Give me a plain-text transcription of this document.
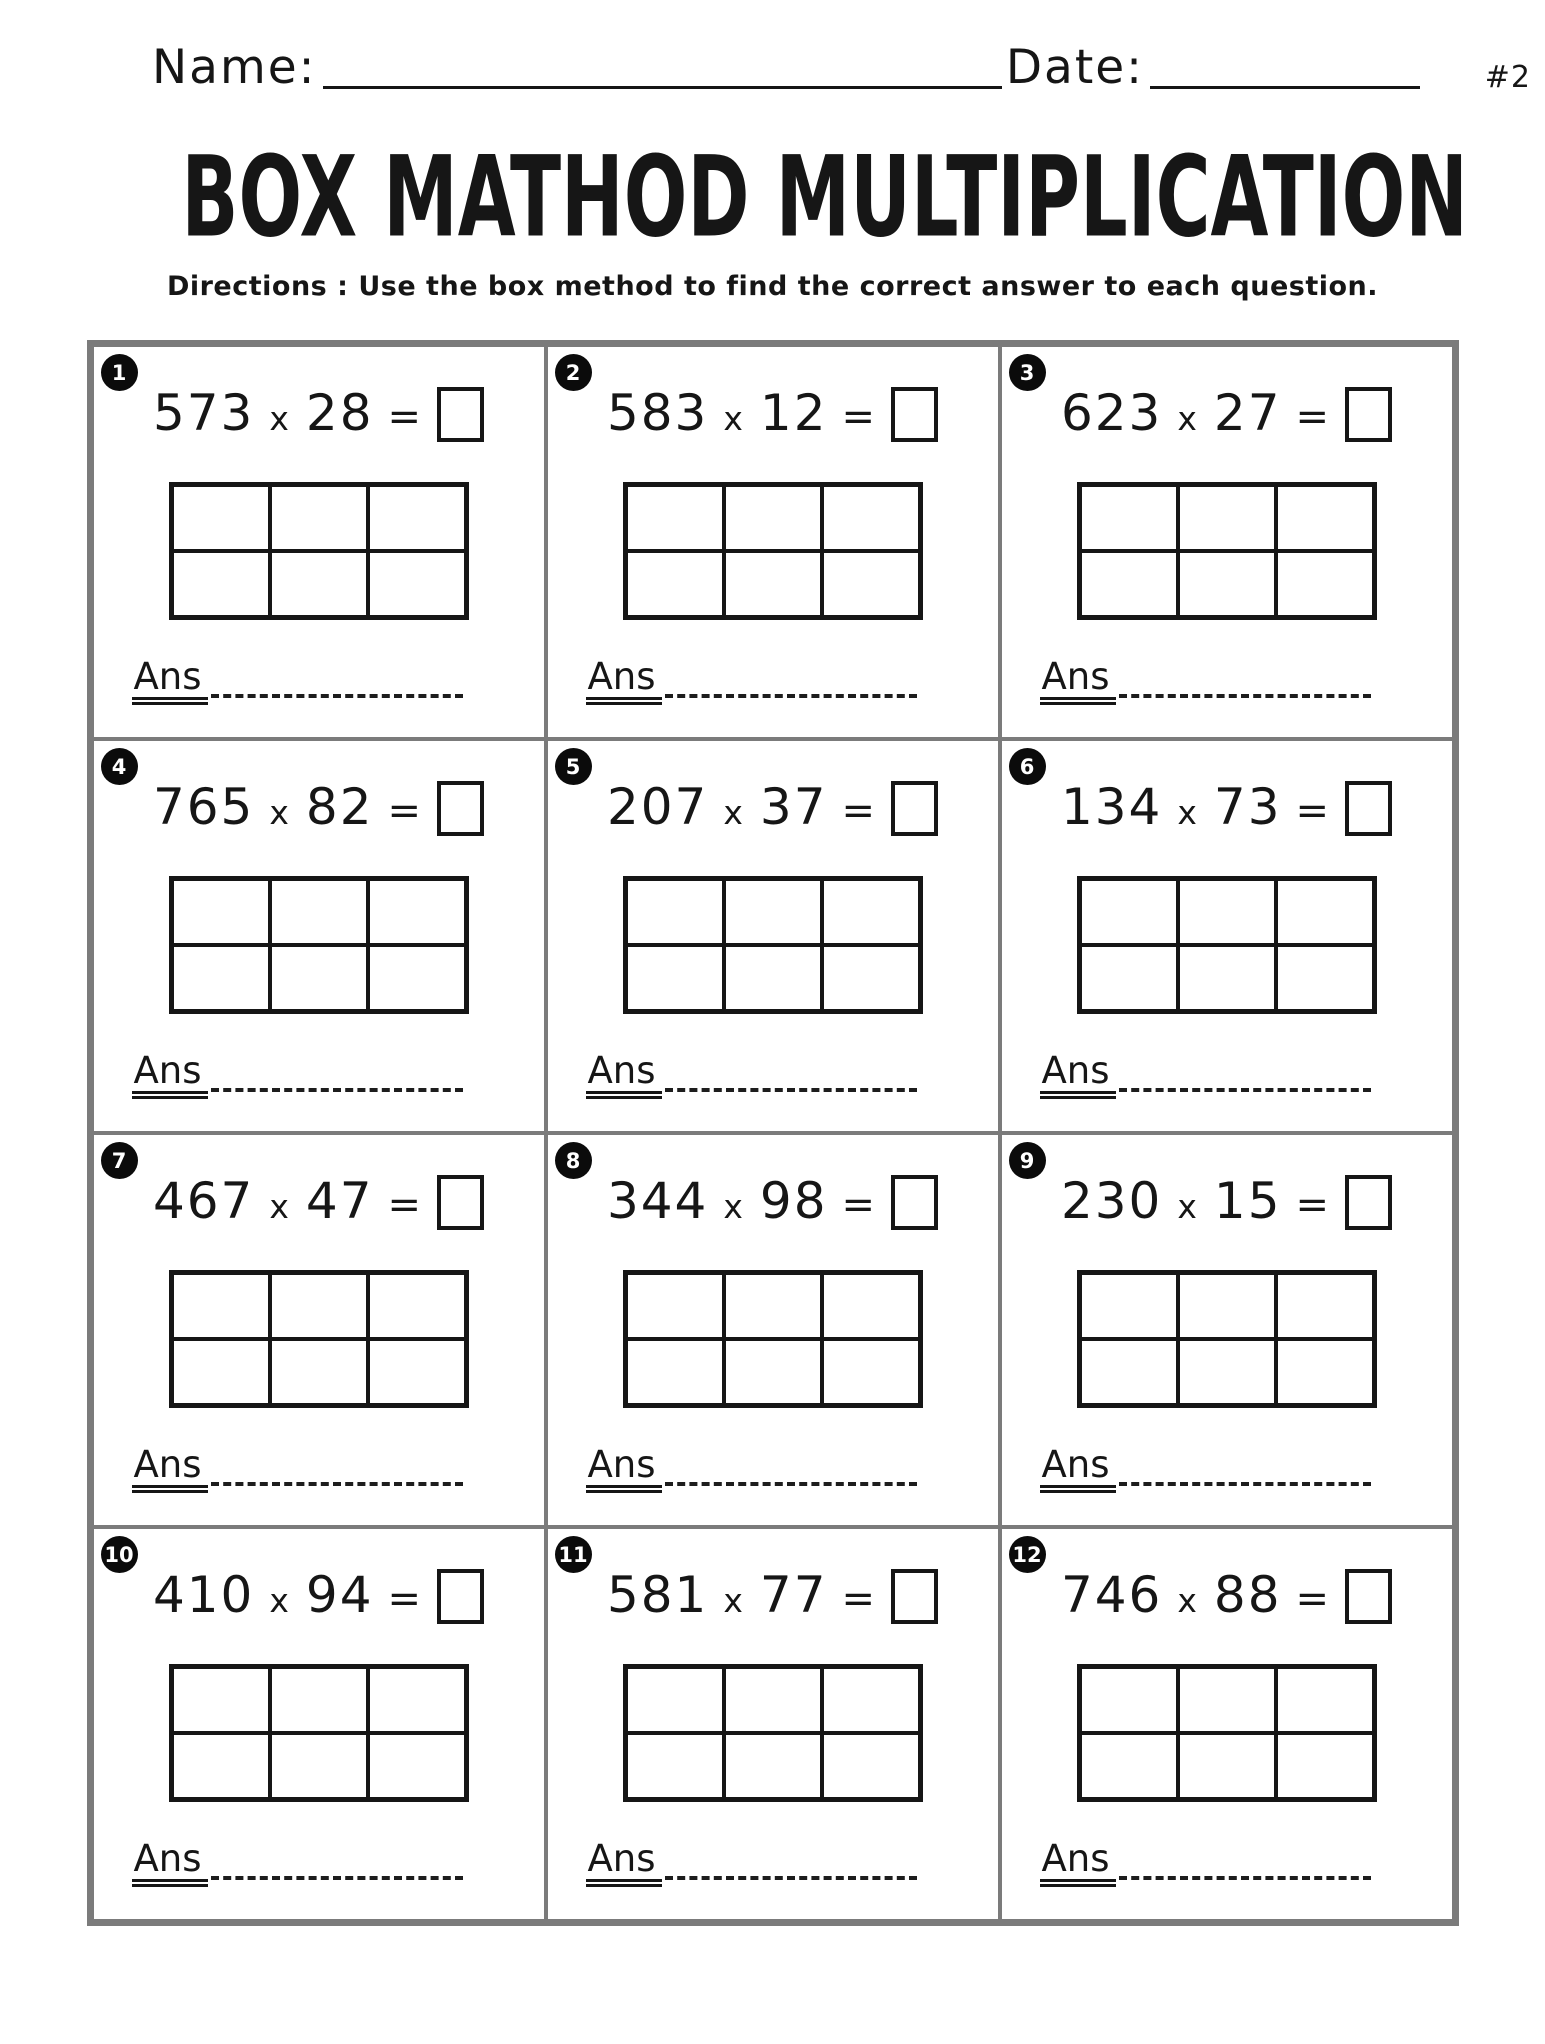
#2
Name:	Date:
BOX MATHOD MULTIPLICATION
Directions : Use the box method to find the correct answer to each question.
1
573 x 28 =
Ans
2
583 x 12 =
Ans
3
623 x 27 =
Ans
4
765 x 82 =
Ans
5
207 x 37 =
Ans
6
134 x 73 =
Ans
7
467 x 47 =
Ans
8
344 x 98 =
Ans
9
230 x 15 =
Ans
10
410 x 94 =
Ans
11
581 x 77 =
Ans
12
746 x 88 =
Ans
